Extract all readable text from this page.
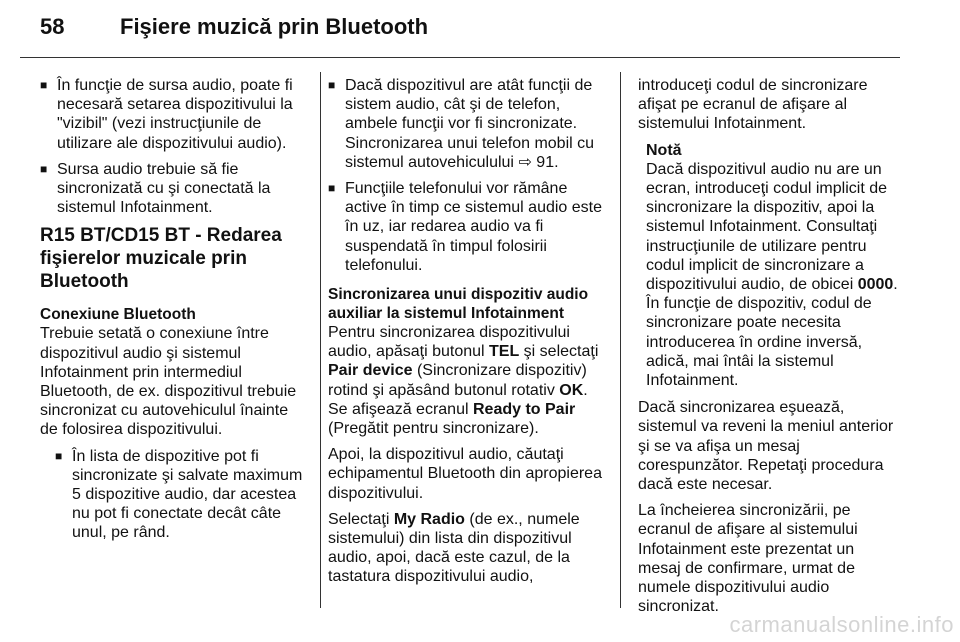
58	Fişiere muzică prin Bluetooth
■ În funcţie de sursa audio, poate fi necesară setarea dispozitivului la "vizibil" (vezi instrucţiunile de utilizare ale dispozitivului audio).
■ Sursa audio trebuie să fie sincronizată cu şi conectată la sistemul Infotainment.
R15 BT/CD15 BT - Redarea fişierelor muzicale prin Bluetooth
Conexiune Bluetooth

Trebuie setată o conexiune între dispozitivul audio şi sistemul Infotainment prin intermediul Bluetooth, de ex. dispozitivul trebuie sincronizat cu autovehiculul înainte de folosirea dispozitivului.

■ În lista de dispozitive pot fi sincronizate şi salvate maximum 5 dispozitive audio, dar acestea nu pot fi conectate decât câte unul, pe rând.
■ Dacă dispozitivul are atât funcţii de sistem audio, cât şi de telefon, ambele funcţii vor fi sincronizate. Sincronizarea unui telefon mobil cu sistemul autovehiculului ⇨ 91.
■ Funcţiile telefonului vor rămâne active în timp ce sistemul audio este în uz, iar redarea audio va fi suspendată în timpul folosirii telefonului.
Sincronizarea unui dispozitiv audio auxiliar la sistemul Infotainment

Pentru sincronizarea dispozitivului audio, apăsaţi butonul TEL şi selectaţi Pair device (Sincronizare dispozitiv) rotind şi apăsând butonul rotativ OK. Se afişează ecranul Ready to Pair (Pregătit pentru sincronizare).

Apoi, la dispozitivul audio, căutaţi echipamentul Bluetooth din apropierea dispozitivului.

Selectaţi My Radio (de ex., numele sistemului) din lista din dispozitivul audio, apoi, dacă este cazul, de la tastatura dispozitivului audio,

introduceţi codul de sincronizare afişat pe ecranul de afişare al sistemului Infotainment.

Notă
Dacă dispozitivul audio nu are un ecran, introduceţi codul implicit de sincronizare la dispozitiv, apoi la sistemul Infotainment. Consultaţi instrucţiunile de utilizare pentru codul implicit de sincronizare a dispozitivului audio, de obicei 0000. În funcţie de dispozitiv, codul de sincronizare poate necesita introducerea în ordine inversă, adică, mai întâi la sistemul Infotainment.

Dacă sincronizarea eşuează, sistemul va reveni la meniul anterior şi se va afişa un mesaj corespunzător. Repetaţi procedura dacă este necesar.

La încheierea sincronizării, pe ecranul de afişare al sistemului Infotainment este prezentat un mesaj de confirmare, urmat de numele dispozitivului audio sincronizat.

carmanualsonline.info
